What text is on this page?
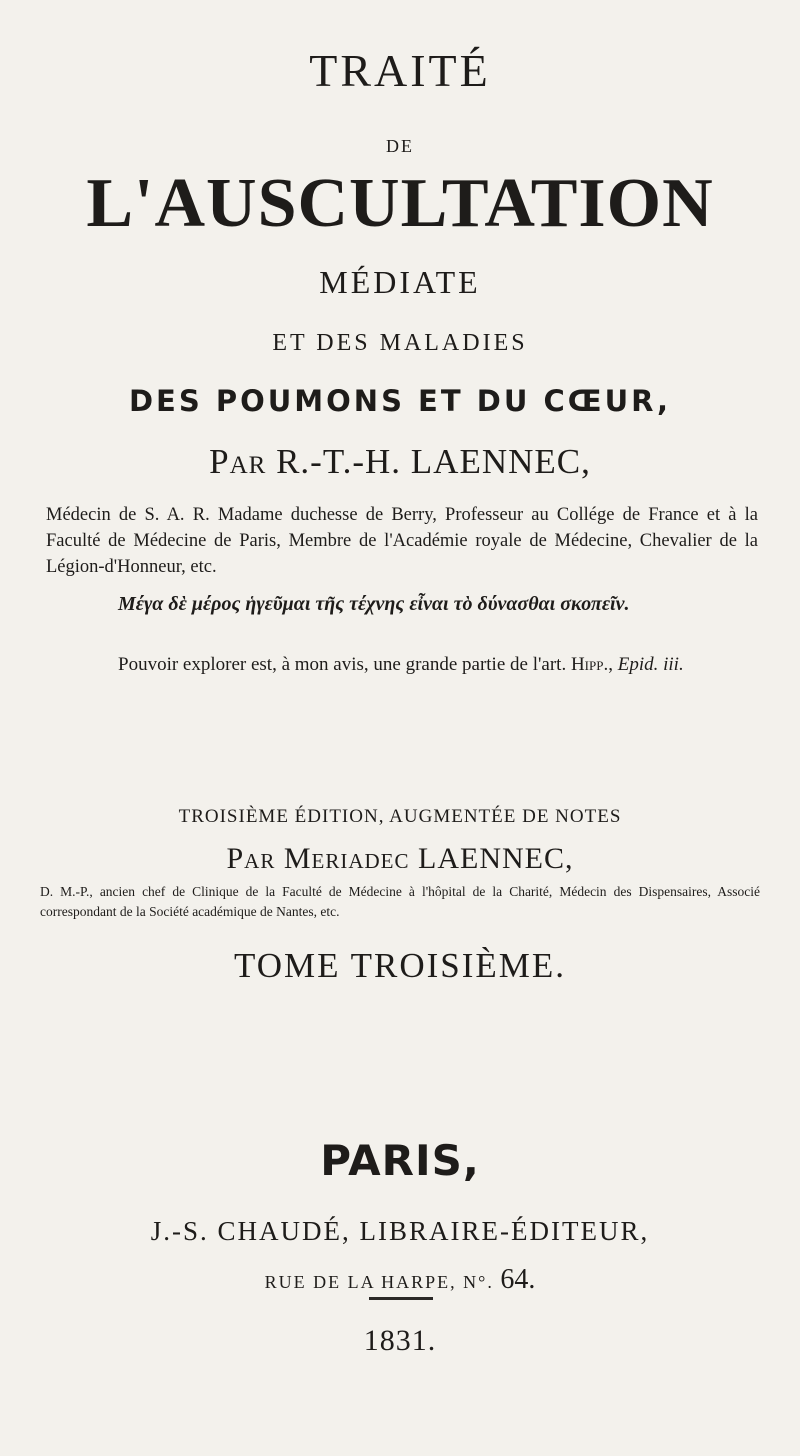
TRAITÉ
DE
L'AUSCULTATION
MÉDIATE
ET DES MALADIES
DES POUMONS ET DU CŒUR,
Par R.-T.-H. LAENNEC,

Médecin de S. A. R. Madame duchesse de Berry, Professeur au Collége de France et à la Faculté de Médecine de Paris, Membre de l'Académie royale de Médecine, Chevalier de la Légion-d'Honneur, etc.

Μέγα δὲ μέρος ἡγεῦμαι τῆς τέχνης εἶναι τὸ δύνασθαι σκοπεῖν.

Pouvoir explorer est, à mon avis, une grande partie de l'art. Hipp., Epid. iii.

TROISIÈME ÉDITION, AUGMENTÉE DE NOTES
Par Meriadec LAENNEC,

D. M.-P., ancien chef de Clinique de la Faculté de Médecine à l'hôpital de la Charité, Médecin des Dispensaires, Associé correspondant de la Société académique de Nantes, etc.

TOME TROISIÈME.
PARIS,
J.-S. CHAUDÉ, LIBRAIRE-ÉDITEUR,
RUE DE LA HARPE, N°. 64.
1831.
